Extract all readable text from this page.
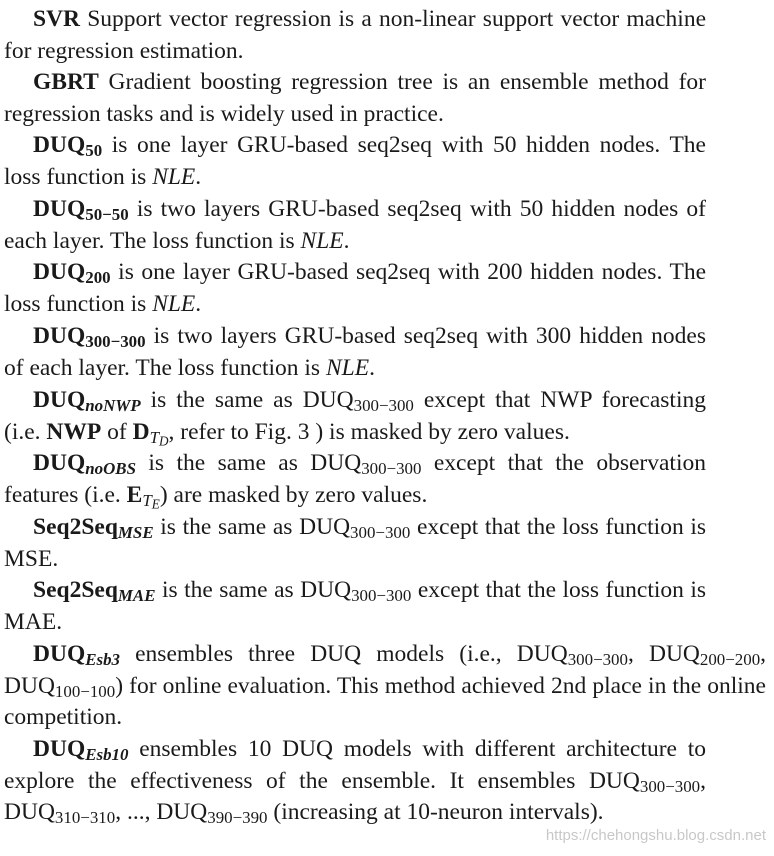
SVR Support vector regression is a non-linear support vector machine for regression estimation.

GBRT Gradient boosting regression tree is an ensemble method for regression tasks and is widely used in practice.

$DUQ_{50}$ is one layer GRU-based seq2seq with 50 hidden nodes. The loss function is NLE.

$DUQ_{50-50}$ is two layers GRU-based seq2seq with 50 hidden nodes of each layer. The loss function is NLE.

$DUQ_{200}$ is one layer GRU-based seq2seq with 200 hidden nodes. The loss function is NLE.

$DUQ_{300-300}$ is two layers GRU-based seq2seq with 300 hidden nodes of each layer. The loss function is NLE.

$DUQ_{noNWP}$ is the same as $DUQ_{300-300}$ except that NWP forecasting (i.e. NWP of $D_{T_D}$, refer to Fig. 3 ) is masked by zero values.

$DUQ_{noOBS}$ is the same as $DUQ_{300-300}$ except that the observation features (i.e. $E_{T_E}$) are masked by zero values.

Seq2Seq$_{MSE}$ is the same as $DUQ_{300-300}$ except that the loss function is MSE.

Seq2Seq$_{MAE}$ is the same as $DUQ_{300-300}$ except that the loss function is MAE.

$DUQ_{Esb3}$ ensembles three DUQ models (i.e., $DUQ_{300-300}$, $DUQ_{200-200}$, $DUQ_{100-100}$) for online evaluation. This method achieved 2nd place in the online competition.

$DUQ_{Esb10}$ ensembles 10 DUQ models with different architecture to explore the effectiveness of the ensemble. It ensembles $DUQ_{300-300}$, $DUQ_{310-310}$, ..., $DUQ_{390-390}$ (increasing at 10-neuron intervals).

https://chehongshu.blog.csdn.net
